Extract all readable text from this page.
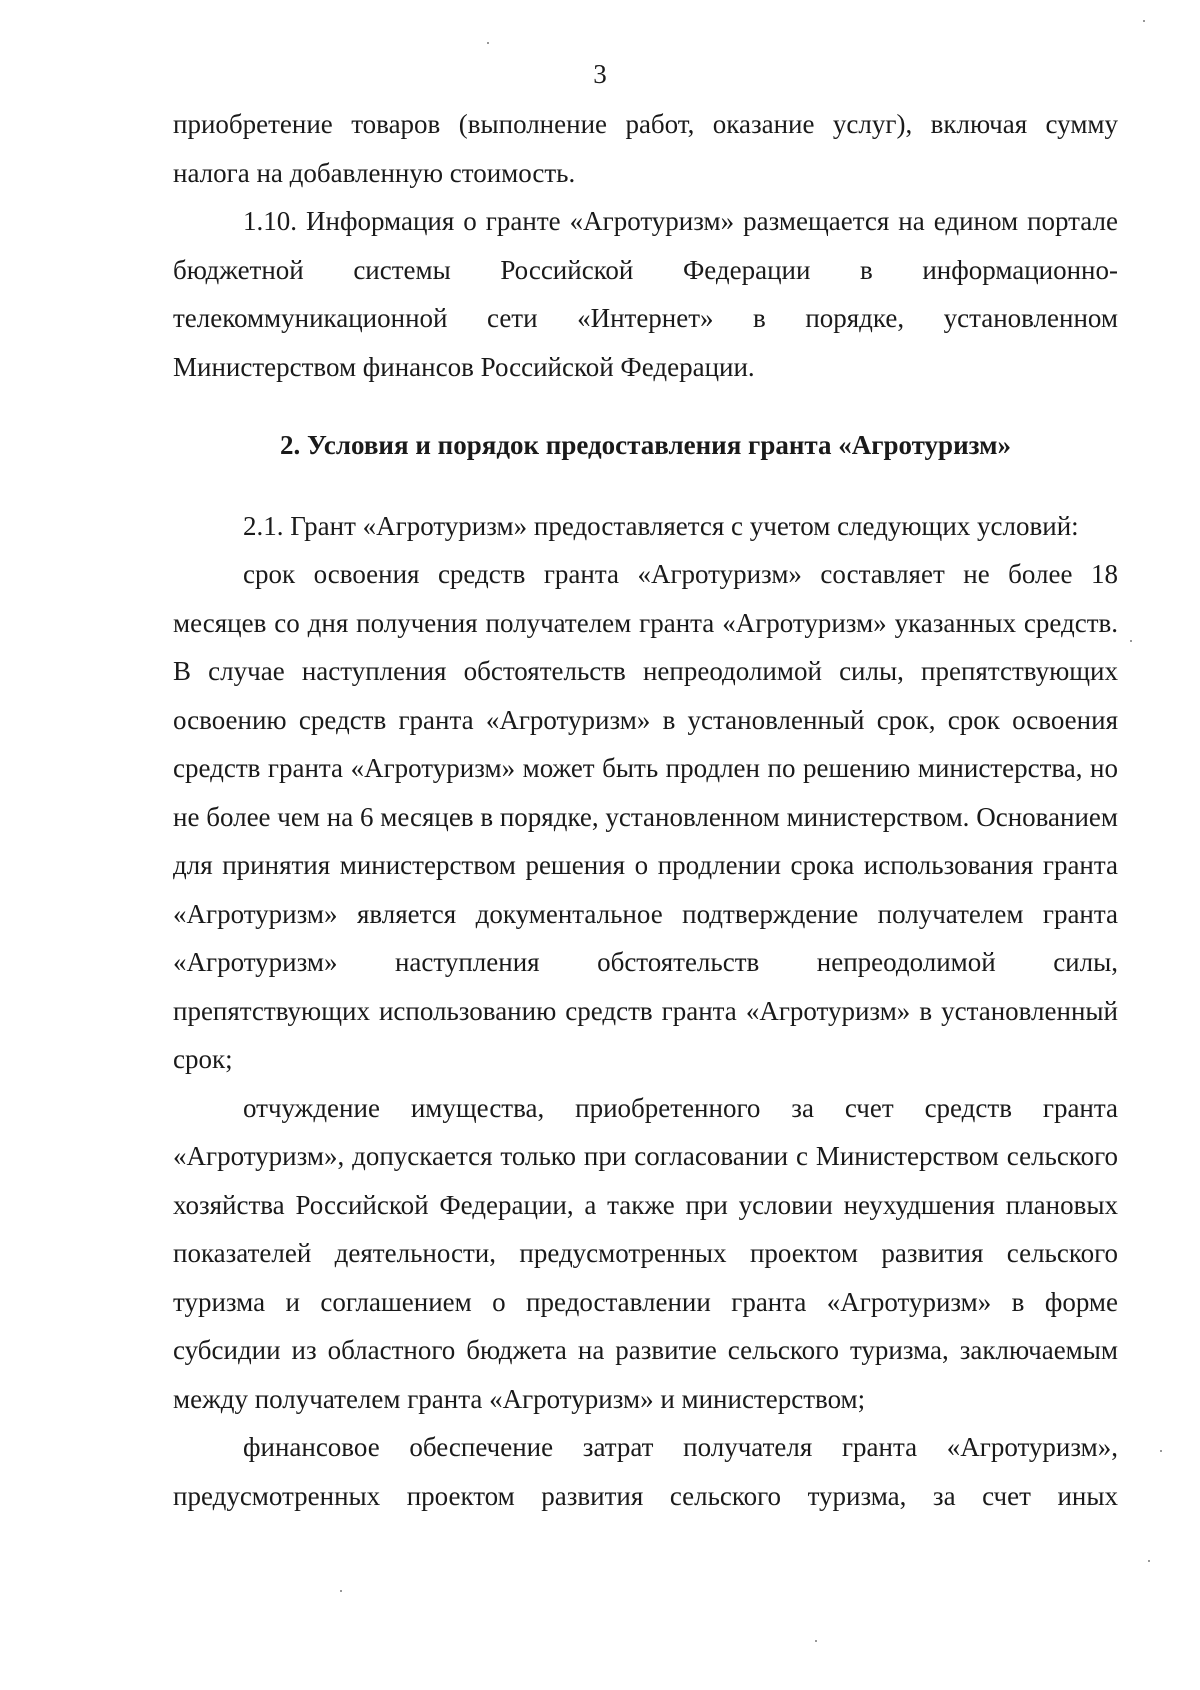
3

приобретение товаров (выполнение работ, оказание услуг), включая сумму налога на добавленную стоимость.

1.10. Информация о гранте «Агротуризм» размещается на едином портале бюджетной системы Российской Федерации в информационно-телекоммуникационной сети «Интернет» в порядке, установленном Министерством финансов Российской Федерации.

2. Условия и порядок предоставления гранта «Агротуризм»

2.1. Грант «Агротуризм» предоставляется с учетом следующих условий:

срок освоения средств гранта «Агротуризм» составляет не более 18 месяцев со дня получения получателем гранта «Агротуризм» указанных средств. В случае наступления обстоятельств непреодолимой силы, препятствующих освоению средств гранта «Агротуризм» в установленный срок, срок освоения средств гранта «Агротуризм» может быть продлен по решению министерства, но не более чем на 6 месяцев в порядке, установленном министерством. Основанием для принятия министерством решения о продлении срока использования гранта «Агротуризм» является документальное подтверждение получателем гранта «Агротуризм» наступления обстоятельств непреодолимой силы, препятствующих использованию средств гранта «Агротуризм» в установленный срок;

отчуждение имущества, приобретенного за счет средств гранта «Агротуризм», допускается только при согласовании с Министерством сельского хозяйства Российской Федерации, а также при условии неухудшения плановых показателей деятельности, предусмотренных проектом развития сельского туризма и соглашением о предоставлении гранта «Агротуризм» в форме субсидии из областного бюджета на развитие сельского туризма, заключаемым между получателем гранта «Агротуризм» и министерством;

финансовое обеспечение затрат получателя гранта «Агротуризм», предусмотренных проектом развития сельского туризма, за счет иных
